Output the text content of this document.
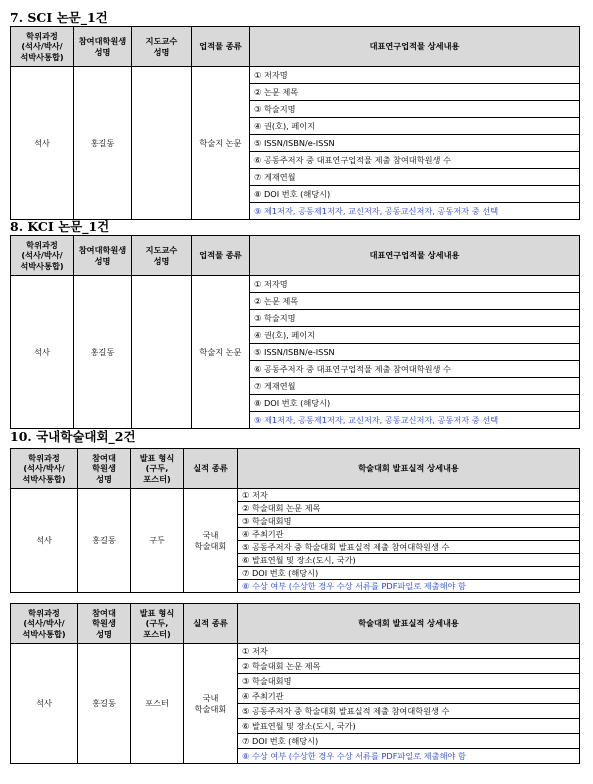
7. SCI 논문_1건
학위과정
(석사/박사/
석박사통합)	참여대학원생
성명	지도교수
성명	업적물 종류	대표연구업적물 상세내용
석사	홍길동		학술지 논문	① 저자명
				② 논문 제목
				③ 학술지명
				④ 권(호), 페이지
				⑤ ISSN/ISBN/e-ISSN
				⑥ 공동주저자 중 대표연구업적물 제출 참여대학원생 수
				⑦ 게재연월
				⑧ DOI 번호 (해당시)
				⑨ 제1저자, 공동제1저자, 교신저자, 공동교신저자, 공동저자 중 선택
8. KCI 논문_1건
학위과정
(석사/박사/
석박사통합)	참여대학원생
성명	지도교수
성명	업적물 종류	대표연구업적물 상세내용
석사	홍길동		학술지 논문	① 저자명
				② 논문 제목
				③ 학술지명
				④ 권(호), 페이지
				⑤ ISSN/ISBN/e-ISSN
				⑥ 공동주저자 중 대표연구업적물 제출 참여대학원생 수
				⑦ 게재연월
				⑧ DOI 번호 (해당시)
				⑨ 제1저자, 공동제1저자, 교신저자, 공동교신저자, 공동저자 중 선택
10. 국내학술대회_2건
학위과정
(석사/박사/
석박사통합)	참여대
학원생
성명	발표 형식
(구두,
포스터)	실적 종류	학술대회 발표실적 상세내용
석사	홍길동	구두	국내
학술대회	① 저자
				② 학술대회 논문 제목
				③ 학술대회명
				④ 주최기관
				⑤ 공동주저자 중 학술대회 발표실적 제출 참여대학원생 수
				⑥ 발표연월 및 장소(도시, 국가)
				⑦ DOI 번호 (해당시)
				⑧ 수상 여부 (수상한 경우 수상 서류를 PDF파일로 제출해야 함
학위과정
(석사/박사/
석박사통합)	참여대
학원생
성명	발표 형식
(구두,
포스터)	실적 종류	학술대회 발표실적 상세내용
석사	홍길동	포스터	국내
학술대회	① 저자
				② 학술대회 논문 제목
				③ 학술대회명
				④ 주최기관
				⑤ 공동주저자 중 학술대회 발표실적 제출 참여대학원생 수
				⑥ 발표연월 및 장소(도시, 국가)
				⑦ DOI 번호 (해당시)
				⑧ 수상 여부 (수상한 경우 수상 서류를 PDF파일로 제출해야 함
